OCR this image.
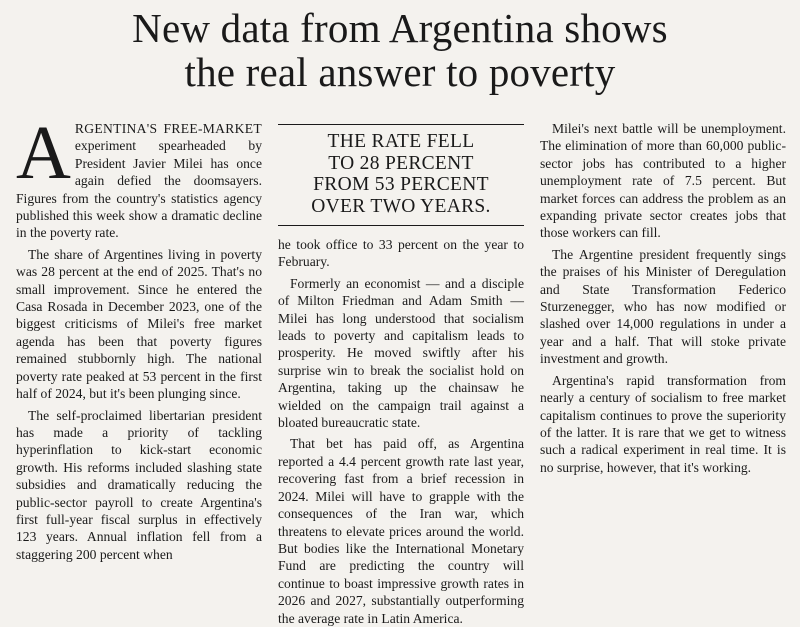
New data from Argentina shows
the real answer to poverty

ARGENTINA'S FREE-MARKET experiment spearheaded by President Javier Milei has once again defied the doomsayers. Figures from the country's statistics agency published this week show a dramatic decline in the poverty rate.

The share of Argentines living in poverty was 28 percent at the end of 2025. That's no small improvement. Since he entered the Casa Rosada in December 2023, one of the biggest criticisms of Milei's free market agenda has been that poverty figures remained stubbornly high. The national poverty rate peaked at 53 percent in the first half of 2024, but it's been plunging since.

The self-proclaimed libertarian president has made a priority of tackling hyperinflation to kick-start economic growth. His reforms included slashing state subsidies and dramatically reducing the public-sector payroll to create Argentina's first full-year fiscal surplus in effectively 123 years. Annual inflation fell from a staggering 200 percent when

THE RATE FELL
TO 28 PERCENT
FROM 53 PERCENT
OVER TWO YEARS.

he took office to 33 percent on the year to February.

Formerly an economist — and a disciple of Milton Friedman and Adam Smith — Milei has long understood that socialism leads to poverty and capitalism leads to prosperity. He moved swiftly after his surprise win to break the socialist hold on Argentina, taking up the chainsaw he wielded on the campaign trail against a bloated bureaucratic state.

That bet has paid off, as Argentina reported a 4.4 percent growth rate last year, recovering fast from a brief recession in 2024. Milei will have to grapple with the consequences of the Iran war, which threatens to elevate prices around the world. But bodies like the International Monetary Fund are predicting the country will continue to boast impressive growth rates in 2026 and 2027, substantially outperforming the average rate in Latin America.

Milei's next battle will be unemployment. The elimination of more than 60,000 public-sector jobs has contributed to a higher unemployment rate of 7.5 percent. But market forces can address the problem as an expanding private sector creates jobs that those workers can fill.

The Argentine president frequently sings the praises of his Minister of Deregulation and State Transformation Federico Sturzenegger, who has now modified or slashed over 14,000 regulations in under a year and a half. That will stoke private investment and growth.

Argentina's rapid transformation from nearly a century of socialism to free market capitalism continues to prove the superiority of the latter. It is rare that we get to witness such a radical experiment in real time. It is no surprise, however, that it's working.
